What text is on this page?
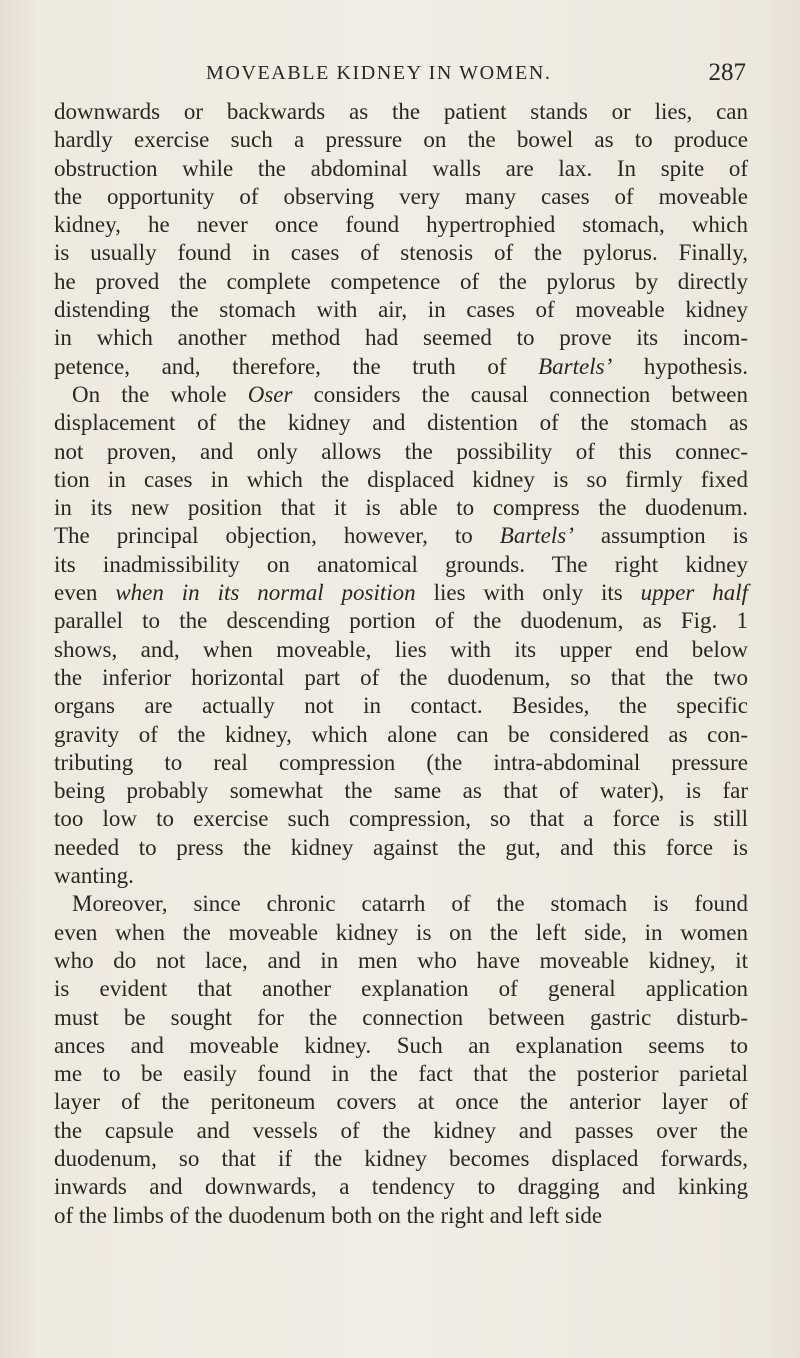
MOVEABLE KIDNEY IN WOMEN.	287
downwards or backwards as the patient stands or lies, can
hardly exercise such a pressure on the bowel as to produce
obstruction while the abdominal walls are lax. In spite of
the opportunity of observing very many cases of moveable
kidney, he never once found hypertrophied stomach, which
is usually found in cases of stenosis of the pylorus. Finally,
he proved the complete competence of the pylorus by directly
distending the stomach with air, in cases of moveable kidney
in which another method had seemed to prove its incom-
petence, and, therefore, the truth of Bartels’ hypothesis.
On the whole Oser considers the causal connection between
displacement of the kidney and distention of the stomach as
not proven, and only allows the possibility of this connec-
tion in cases in which the displaced kidney is so firmly fixed
in its new position that it is able to compress the duodenum.
The principal objection, however, to Bartels’ assumption is
its inadmissibility on anatomical grounds. The right kidney
even when in its normal position lies with only its upper half
parallel to the descending portion of the duodenum, as Fig. 1
shows, and, when moveable, lies with its upper end below
the inferior horizontal part of the duodenum, so that the two
organs are actually not in contact. Besides, the specific
gravity of the kidney, which alone can be considered as con-
tributing to real compression (the intra-abdominal pressure
being probably somewhat the same as that of water), is far
too low to exercise such compression, so that a force is still
needed to press the kidney against the gut, and this force is
wanting.
Moreover, since chronic catarrh of the stomach is found
even when the moveable kidney is on the left side, in women
who do not lace, and in men who have moveable kidney, it
is evident that another explanation of general application
must be sought for the connection between gastric disturb-
ances and moveable kidney. Such an explanation seems to
me to be easily found in the fact that the posterior parietal
layer of the peritoneum covers at once the anterior layer of
the capsule and vessels of the kidney and passes over the
duodenum, so that if the kidney becomes displaced forwards,
inwards and downwards, a tendency to dragging and kinking
of the limbs of the duodenum both on the right and left side
